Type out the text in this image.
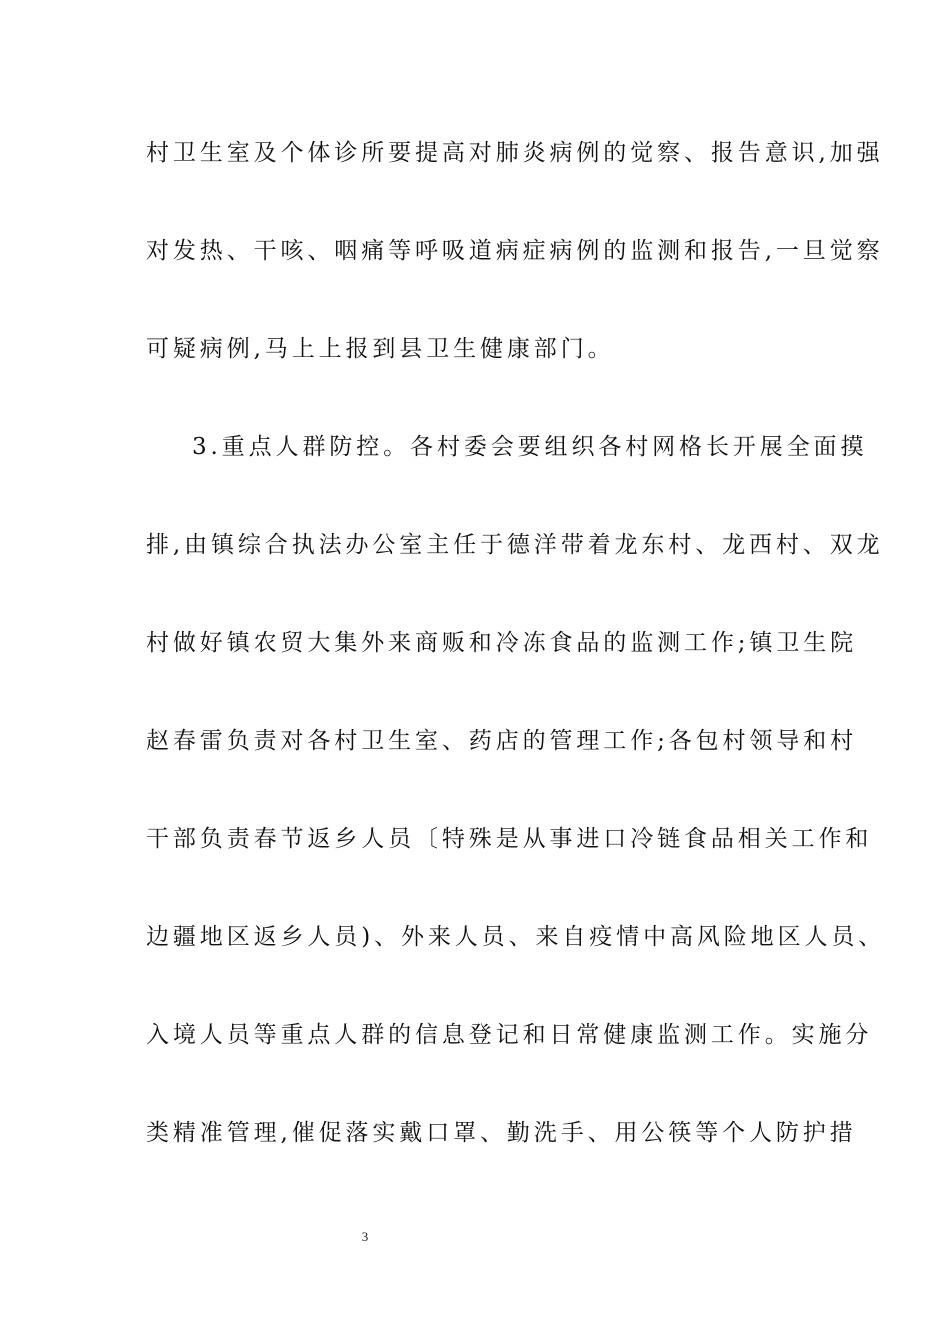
村卫生室及个体诊所要提高对肺炎病例的觉察、报告意识,加强
对发热、干咳、咽痛等呼吸道病症病例的监测和报告,一旦觉察
可疑病例,马上上报到县卫生健康部门。
3.重点人群防控。各村委会要组织各村网格长开展全面摸
排,由镇综合执法办公室主任于德洋带着龙东村、龙西村、双龙
村做好镇农贸大集外来商贩和冷冻食品的监测工作;镇卫生院
赵春雷负责对各村卫生室、药店的管理工作;各包村领导和村
干部负责春节返乡人员〔特殊是从事进口冷链食品相关工作和
边疆地区返乡人员)、外来人员、来自疫情中高风险地区人员、
入境人员等重点人群的信息登记和日常健康监测工作。实施分
类精准管理,催促落实戴口罩、勤洗手、用公筷等个人防护措
3
